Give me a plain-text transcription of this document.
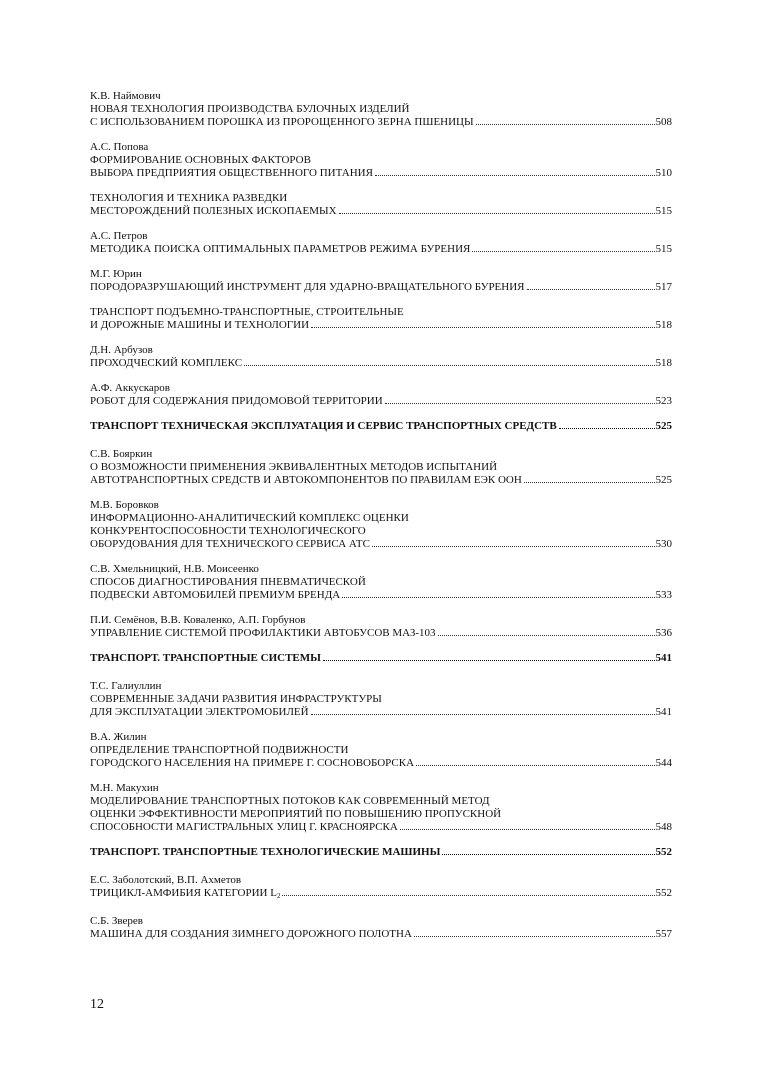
К.В. Наймович
НОВАЯ ТЕХНОЛОГИЯ ПРОИЗВОДСТВА БУЛОЧНЫХ ИЗДЕЛИЙ
С ИСПОЛЬЗОВАНИЕМ ПОРОШКА ИЗ ПРОРОЩЕННОГО ЗЕРНА ПШЕНИЦЫ	508
А.С. Попова
ФОРМИРОВАНИЕ ОСНОВНЫХ ФАКТОРОВ
ВЫБОРА ПРЕДПРИЯТИЯ ОБЩЕСТВЕННОГО ПИТАНИЯ	510
ТЕХНОЛОГИЯ И ТЕХНИКА РАЗВЕДКИ
МЕСТОРОЖДЕНИЙ ПОЛЕЗНЫХ ИСКОПАЕМЫХ	515
А.С. Петров
МЕТОДИКА ПОИСКА ОПТИМАЛЬНЫХ ПАРАМЕТРОВ РЕЖИМА БУРЕНИЯ	515
М.Г. Юрин
ПОРОДОРАЗРУШАЮЩИЙ ИНСТРУМЕНТ ДЛЯ УДАРНО-ВРАЩАТЕЛЬНОГО БУРЕНИЯ	517
ТРАНСПОРТ ПОДЪЕМНО-ТРАНСПОРТНЫЕ, СТРОИТЕЛЬНЫЕ
И ДОРОЖНЫЕ МАШИНЫ И ТЕХНОЛОГИИ	518
Д.Н. Арбузов
ПРОХОДЧЕСКИЙ КОМПЛЕКС	518
А.Ф. Аккускаров
РОБОТ ДЛЯ СОДЕРЖАНИЯ ПРИДОМОВОЙ ТЕРРИТОРИИ	523
ТРАНСПОРТ ТЕХНИЧЕСКАЯ ЭКСПЛУАТАЦИЯ И СЕРВИС ТРАНСПОРТНЫХ СРЕДСТВ	525
С.В. Бояркин
О ВОЗМОЖНОСТИ ПРИМЕНЕНИЯ ЭКВИВАЛЕНТНЫХ МЕТОДОВ ИСПЫТАНИЙ
АВТОТРАНСПОРТНЫХ СРЕДСТВ И АВТОКОМПОНЕНТОВ ПО ПРАВИЛАМ ЕЭК ООН	525
М.В. Боровков
ИНФОРМАЦИОННО-АНАЛИТИЧЕСКИЙ КОМПЛЕКС ОЦЕНКИ
КОНКУРЕНТОСПОСОБНОСТИ ТЕХНОЛОГИЧЕСКОГО
ОБОРУДОВАНИЯ ДЛЯ ТЕХНИЧЕСКОГО СЕРВИСА АТС	530
С.В. Хмельницкий, Н.В. Моисеенко
СПОСОБ ДИАГНОСТИРОВАНИЯ ПНЕВМАТИЧЕСКОЙ
ПОДВЕСКИ АВТОМОБИЛЕЙ ПРЕМИУМ БРЕНДА	533
П.И. Семёнов, В.В. Коваленко, А.П. Горбунов
УПРАВЛЕНИЕ СИСТЕМОЙ ПРОФИЛАКТИКИ АВТОБУСОВ МАЗ-103	536
ТРАНСПОРТ. ТРАНСПОРТНЫЕ СИСТЕМЫ	541
Т.С. Галиуллин
СОВРЕМЕННЫЕ ЗАДАЧИ РАЗВИТИЯ ИНФРАСТРУКТУРЫ
ДЛЯ ЭКСПЛУАТАЦИИ ЭЛЕКТРОМОБИЛЕЙ	541
В.А. Жилин
ОПРЕДЕЛЕНИЕ ТРАНСПОРТНОЙ ПОДВИЖНОСТИ
ГОРОДСКОГО НАСЕЛЕНИЯ НА ПРИМЕРЕ Г. СОСНОВОБОРСКА	544
М.Н. Макухин
МОДЕЛИРОВАНИЕ ТРАНСПОРТНЫХ ПОТОКОВ КАК СОВРЕМЕННЫЙ МЕТОД
ОЦЕНКИ ЭФФЕКТИВНОСТИ МЕРОПРИЯТИЙ ПО ПОВЫШЕНИЮ ПРОПУСКНОЙ
СПОСОБНОСТИ МАГИСТРАЛЬНЫХ УЛИЦ Г. КРАСНОЯРСКА	548
ТРАНСПОРТ. ТРАНСПОРТНЫЕ ТЕХНОЛОГИЧЕСКИЕ МАШИНЫ	552
Е.С. Заболотский, В.П. Ахметов
ТРИЦИКЛ-АМФИБИЯ КАТЕГОРИИ $L_2$	552
С.Б. Зверев
МАШИНА ДЛЯ СОЗДАНИЯ ЗИМНЕГО ДОРОЖНОГО ПОЛОТНА	557
12
